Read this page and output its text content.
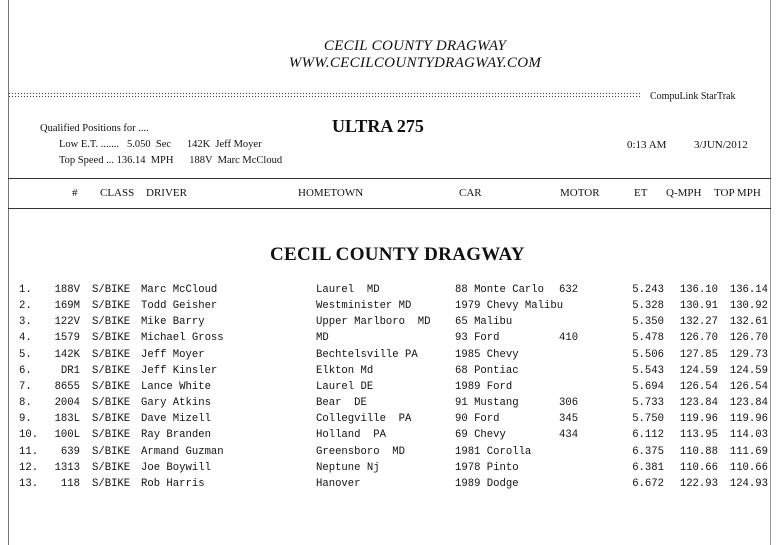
CECIL COUNTY DRAGWAY
WWW.CECILCOUNTYDRAGWAY.COM
CompuLink StarTrak
ULTRA 275
Qualified Positions for ....
Low E.T. .......   5.050  Sec      142K  Jeff Moyer
Top Speed ... 136.14  MPH      188V  Marc McCloud
0:13 AM	3/JUN/2012
# CLASS DRIVER	HOMETOWN	CAR	MOTOR	ET Q-MPH TOP MPH
CECIL COUNTY DRAGWAY
1.	188V S/BIKE	Marc McCloud	Laurel  MD	88 Monte Carlo	632	5.243	136.10	136.14
2.	169M S/BIKE	Todd Geisher	Westminister MD	1979 Chevy Malibu	5.328	130.91	130.92
3.	122V S/BIKE	Mike Barry	Upper Marlboro  MD	65 Malibu	5.350	132.27	132.61
4.	1579 S/BIKE	Michael Gross	MD	93 Ford	410	5.478	126.70	126.70
5.	142K S/BIKE	Jeff Moyer	Bechtelsville PA	1985 Chevy	5.506	127.85	129.73
6.	DR1 S/BIKE	Jeff Kinsler	Elkton Md	68 Pontiac	5.543	124.59	124.59
7.	8655 S/BIKE	Lance White	Laurel DE	1989 Ford	5.694	126.54	126.54
8.	2004 S/BIKE	Gary Atkins	Bear  DE	91 Mustang	306	5.733	123.84	123.84
9.	183L S/BIKE	Dave Mizell	Collegville  PA	90 Ford	345	5.750	119.96	119.96
10.	100L S/BIKE	Ray Branden	Holland  PA	69 Chevy	434	6.112	113.95	114.03
11.	639 S/BIKE	Armand Guzman	Greensboro  MD	1981 Corolla	6.375	110.88	111.69
12.	1313 S/BIKE	Joe Boywill	Neptune Nj	1978 Pinto	6.381	110.66	110.66
13.	118 S/BIKE	Rob Harris	Hanover	1989 Dodge	6.672	122.93	124.93
